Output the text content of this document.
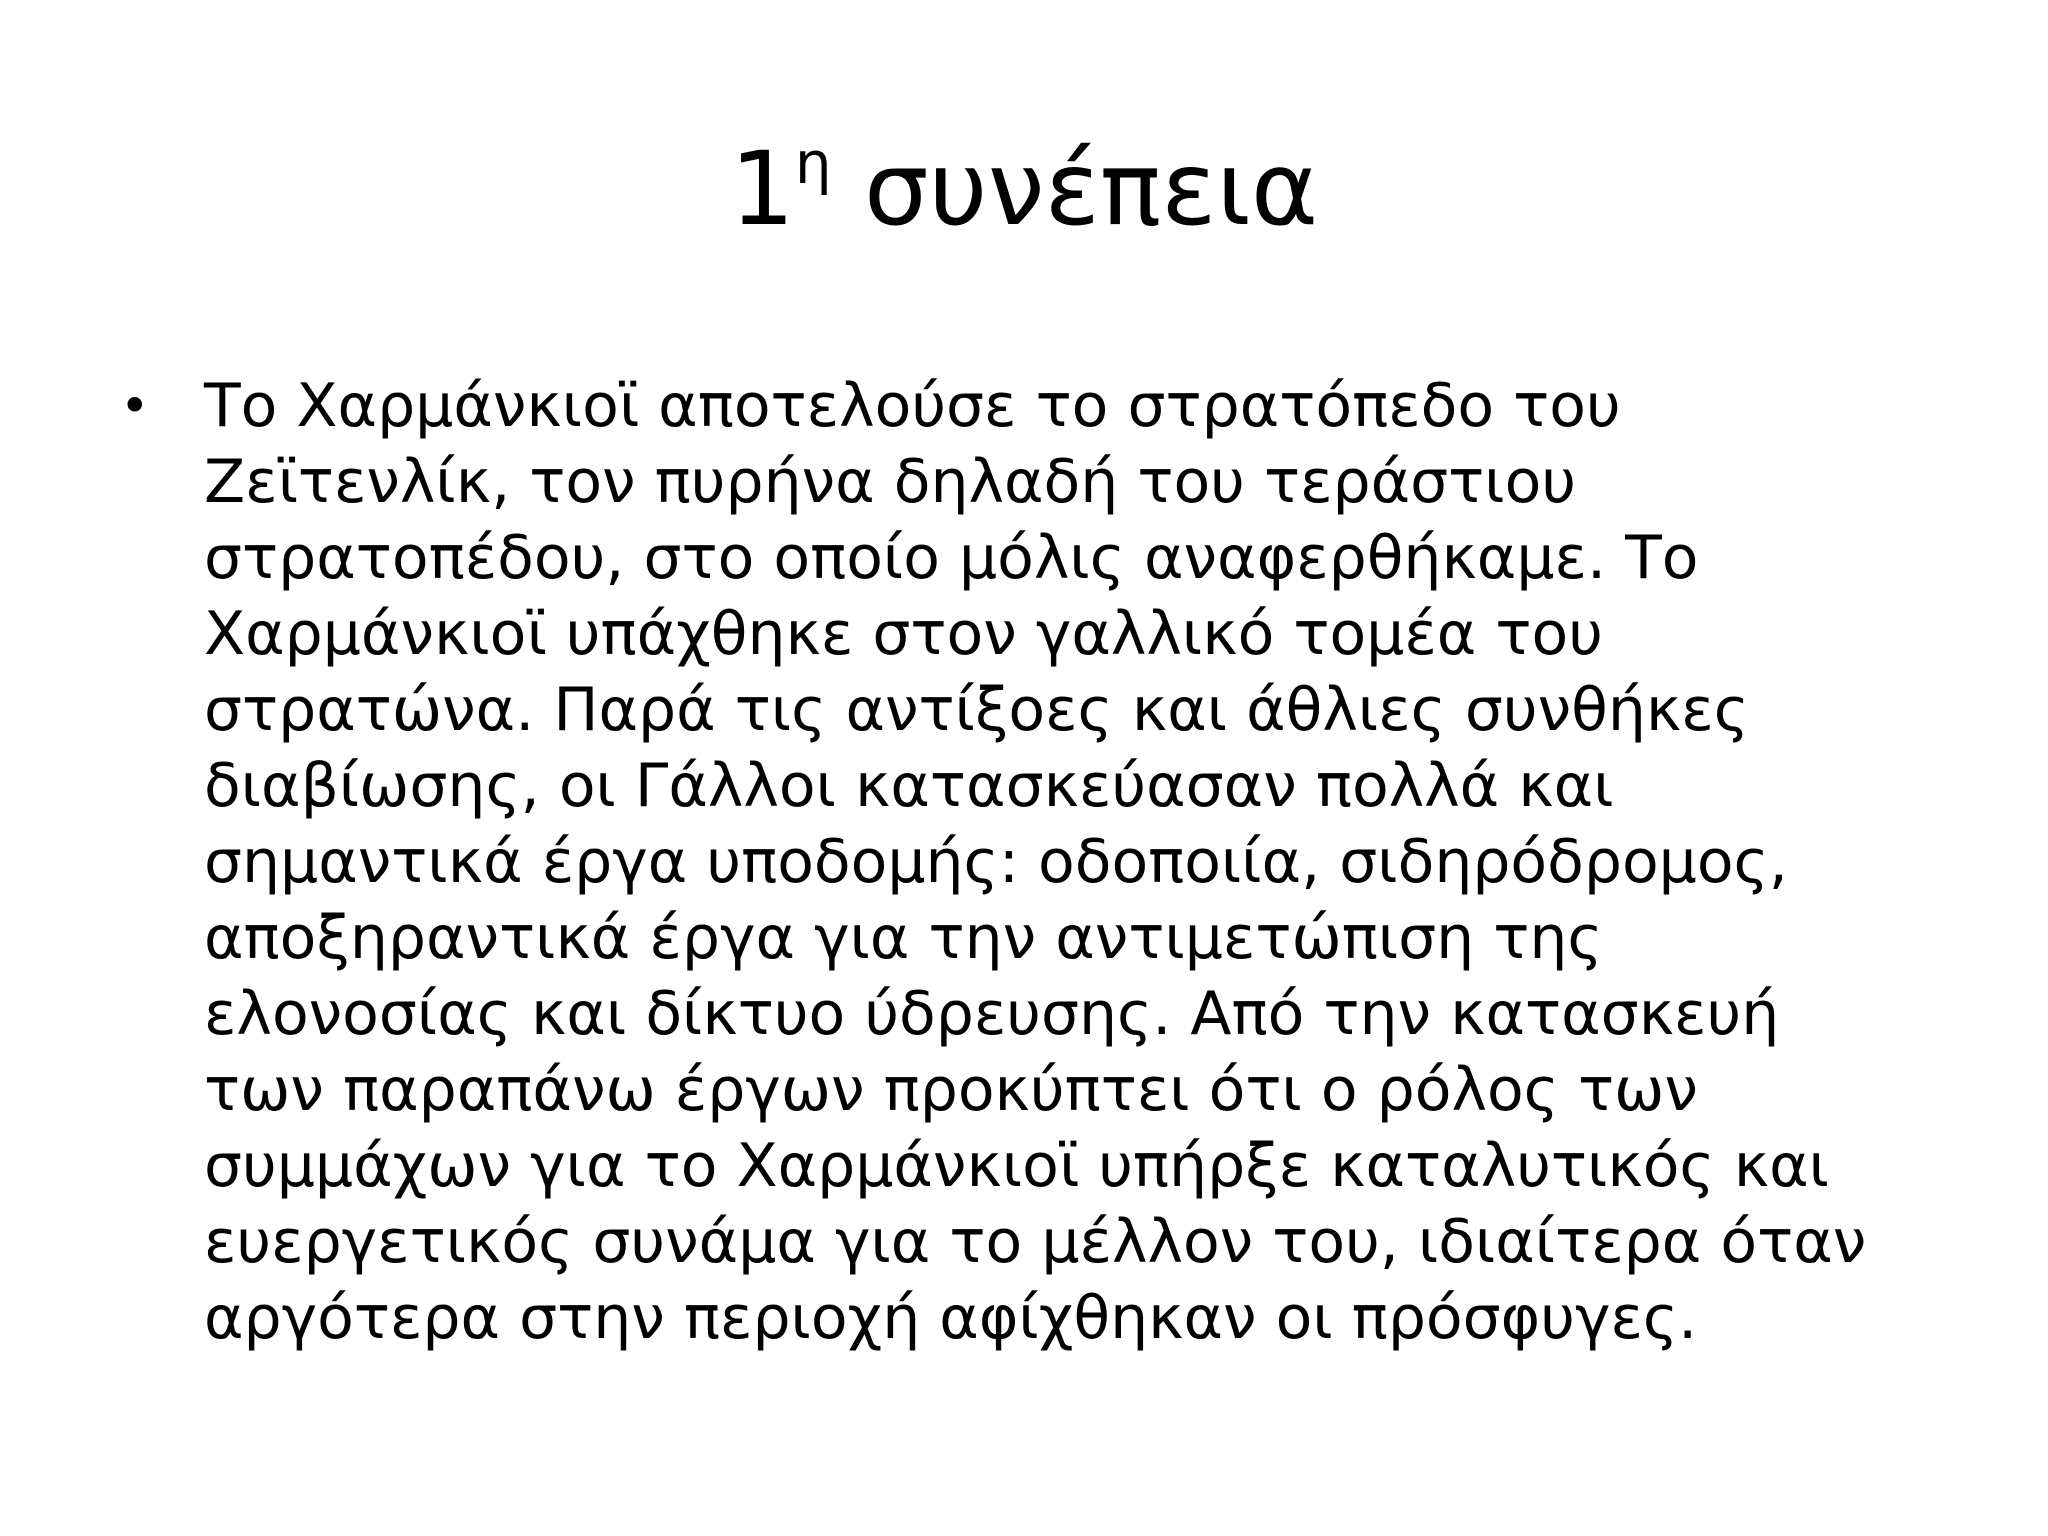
$1^\eta$ συνέπεια
• Το Χαρμάνκιοϊ αποτελούσε το στρατόπεδο του
Ζεϊτενλίκ, τον πυρήνα δηλαδή του τεράστιου
στρατοπέδου, στο οποίο μόλις αναφερθήκαμε. Το
Χαρμάνκιοϊ υπάχθηκε στον γαλλικό τομέα του
στρατώνα. Παρά τις αντίξοες και άθλιες συνθήκες
διαβίωσης, οι Γάλλοι κατασκεύασαν πολλά και
σημαντικά έργα υποδομής: οδοποιία, σιδηρόδρομος,
αποξηραντικά έργα για την αντιμετώπιση της
ελονοσίας και δίκτυο ύδρευσης. Από την κατασκευή
των παραπάνω έργων προκύπτει ότι ο ρόλος των
συμμάχων για το Χαρμάνκιοϊ υπήρξε καταλυτικός και
ευεργετικός συνάμα για το μέλλον του, ιδιαίτερα όταν
αργότερα στην περιοχή αφίχθηκαν οι πρόσφυγες.
